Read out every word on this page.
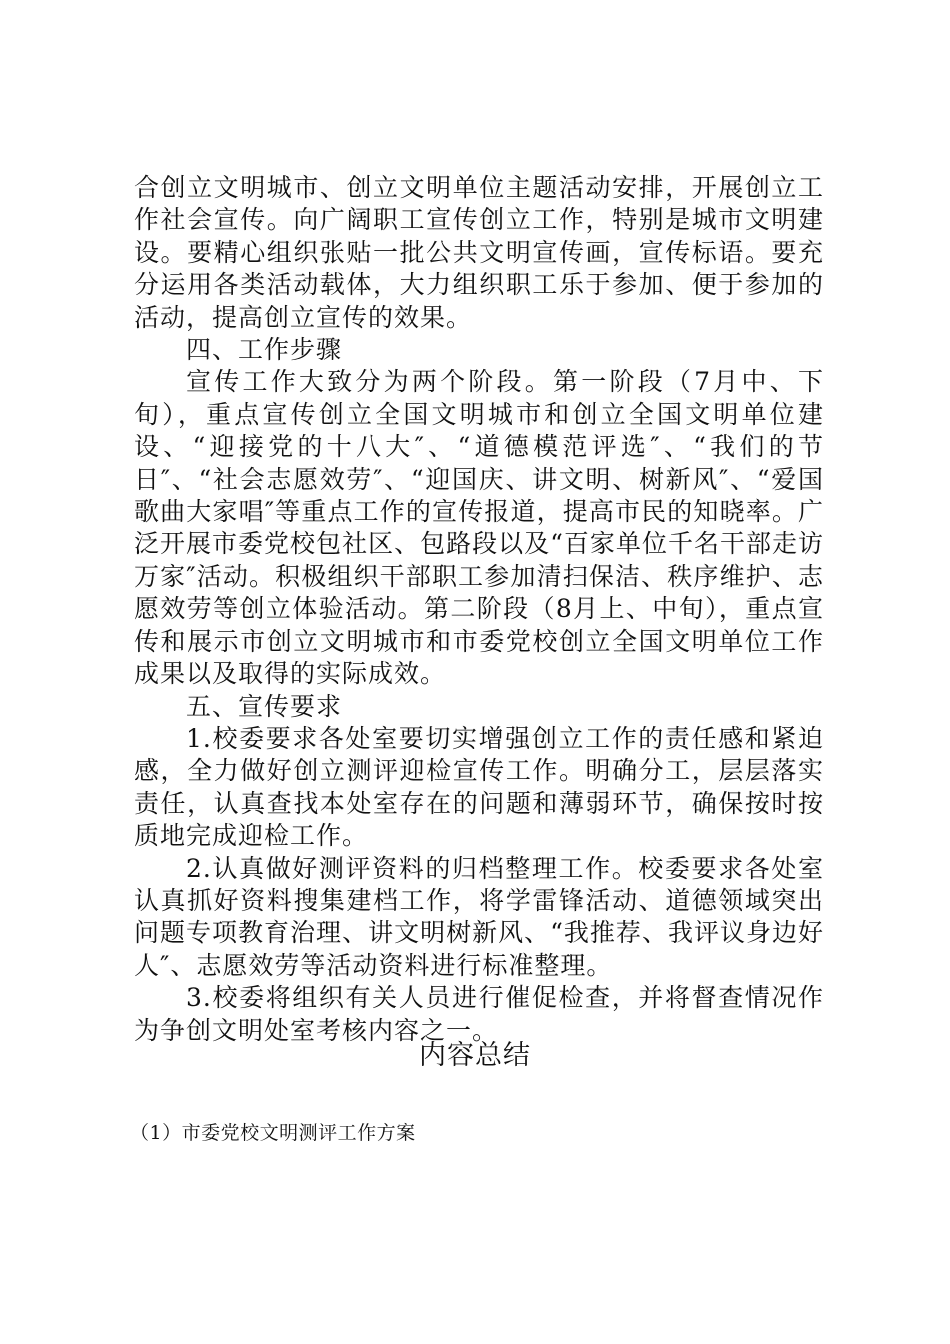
合创立文明城市、创立文明单位主题活动安排，开展创立工作社会宣传。向广阔职工宣传创立工作，特别是城市文明建设。要精心组织张贴一批公共文明宣传画，宣传标语。要充分运用各类活动载体，大力组织职工乐于参加、便于参加的活动，提高创立宣传的效果。

四、工作步骤

宣传工作大致分为两个阶段。第一阶段（7月中、下旬），重点宣传创立全国文明城市和创立全国文明单位建设、“迎接党的十八大″、“道德模范评选″、“我们的节日″、“社会志愿效劳″、“迎国庆、讲文明、树新风″、“爱国歌曲大家唱″等重点工作的宣传报道，提高市民的知晓率。广泛开展市委党校包社区、包路段以及“百家单位千名干部走访万家″活动。积极组织干部职工参加清扫保洁、秩序维护、志愿效劳等创立体验活动。第二阶段（8月上、中旬），重点宣传和展示市创立文明城市和市委党校创立全国文明单位工作成果以及取得的实际成效。

五、宣传要求

1.校委要求各处室要切实增强创立工作的责任感和紧迫感，全力做好创立测评迎检宣传工作。明确分工，层层落实责任，认真查找本处室存在的问题和薄弱环节，确保按时按质地完成迎检工作。

2.认真做好测评资料的归档整理工作。校委要求各处室认真抓好资料搜集建档工作，将学雷锋活动、道德领域突出问题专项教育治理、讲文明树新风、“我推荐、我评议身边好人″、志愿效劳等活动资料进行标准整理。

3.校委将组织有关人员进行催促检查，并将督查情况作为争创文明处室考核内容之一。

内容总结

（1）市委党校文明测评工作方案
